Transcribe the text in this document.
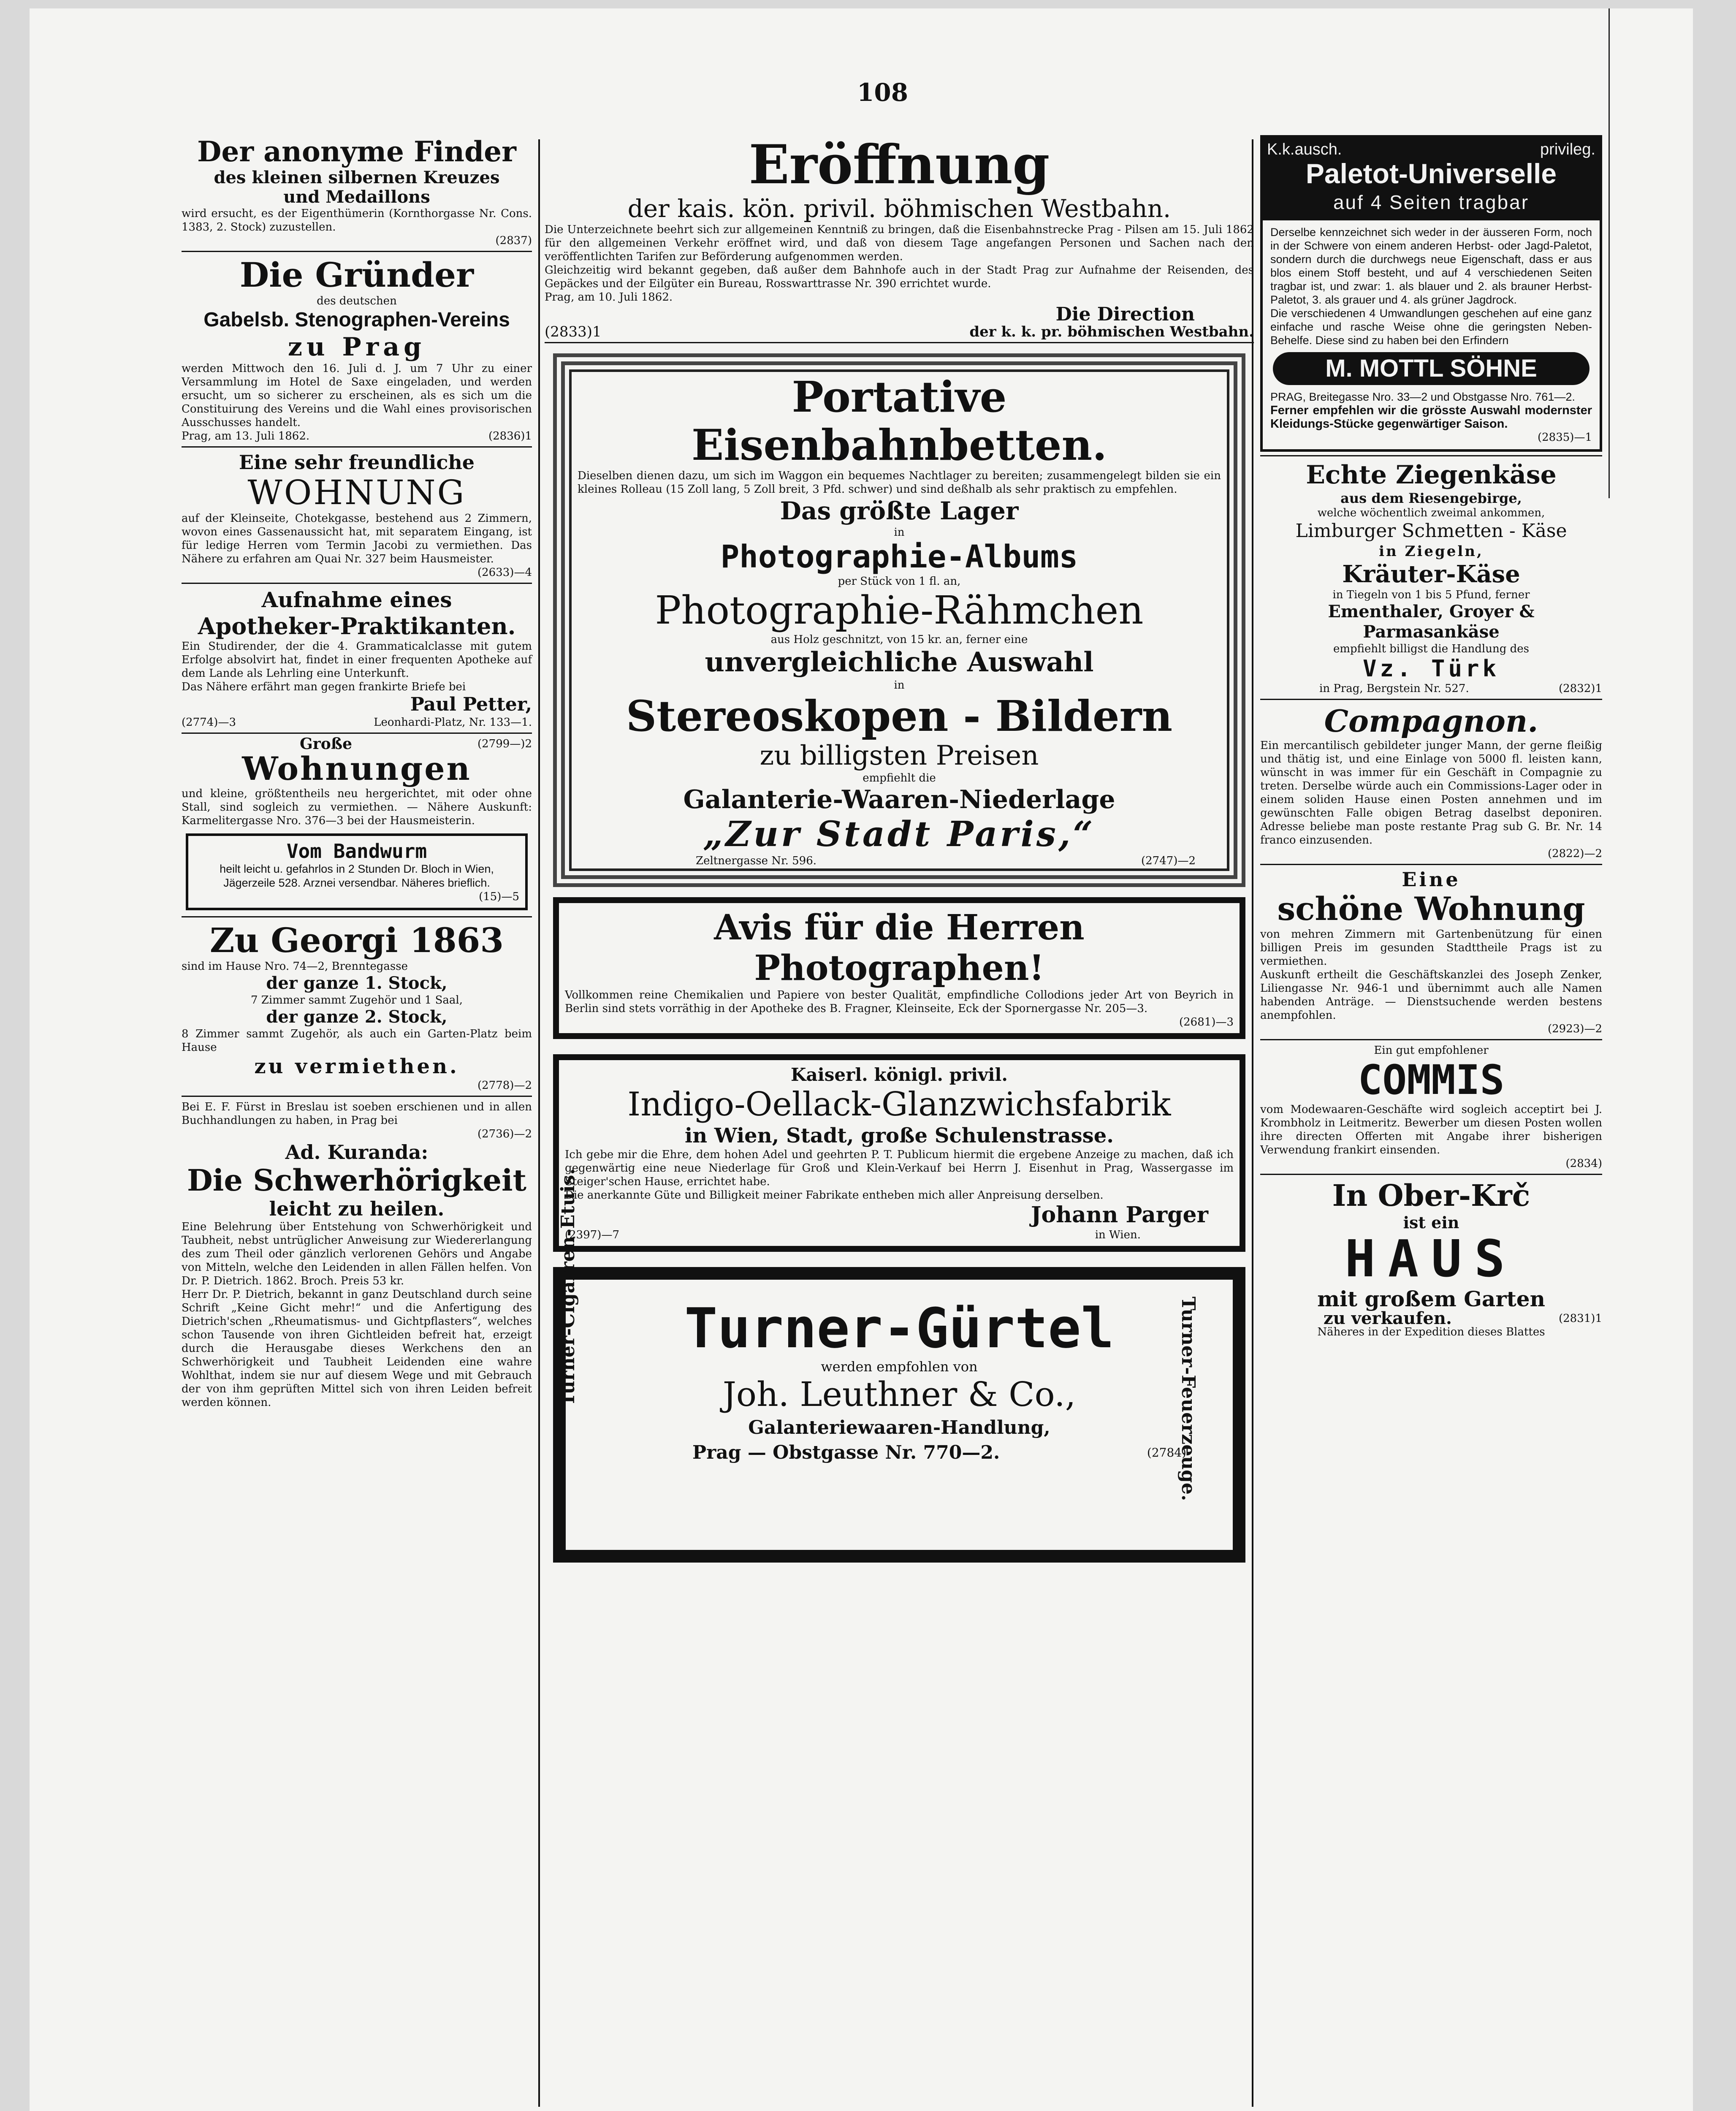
108
Der anonyme Finder
des kleinen silbernen Kreuzes
und Medaillons
wird ersucht, es der Eigenthümerin (Kornthorgasse Nr. Cons. 1383, 2. Stock) zuzustellen.
(2837)
Die Gründer
des deutschen
Gabelsb. Stenographen-Vereins
zu Prag
werden Mittwoch den 16. Juli d. J. um 7 Uhr zu einer Versammlung im Hotel de Saxe eingeladen, und werden ersucht, um so sicherer zu erscheinen, als es sich um die Constituirung des Vereins und die Wahl eines provisorischen Ausschusses handelt.
Prag, am 13. Juli 1862.	(2836)1
Eine sehr freundliche
WOHNUNG
auf der Kleinseite, Chotekgasse, bestehend aus 2 Zimmern, wovon eines Gassenaussicht hat, mit separatem Eingang, ist für ledige Herren vom Termin Jacobi zu vermiethen. Das Nähere zu erfahren am Quai Nr. 327 beim Hausmeister.
(2633)—4
Aufnahme eines
Apotheker-Praktikanten.
Ein Studirender, der die 4. Grammaticalclasse mit gutem Erfolge absolvirt hat, findet in einer frequenten Apotheke auf dem Lande als Lehrling eine Unterkunft.
Das Nähere erfährt man gegen frankirte Briefe bei
Paul Petter,
(2774)—3	Leonhardi-Platz, Nr. 133—1.
Große	(2799—)2
Wohnungen
und kleine, größtentheils neu hergerichtet, mit oder ohne Stall, sind sogleich zu vermiethen. — Nähere Auskunft: Karmelitergasse Nro. 376—3 bei der Hausmeisterin.
Vom Bandwurm
heilt leicht u. gefahrlos in 2 Stunden Dr. Bloch in Wien, Jägerzeile 528. Arznei versendbar. Näheres brieflich.
(15)—5
Zu Georgi 1863
sind im Hause Nro. 74—2, Brenntegasse
der ganze 1. Stock,
7 Zimmer sammt Zugehör und 1 Saal,
der ganze 2. Stock,
8 Zimmer sammt Zugehör, als auch ein Garten-Platz beim Hause
zu vermiethen.
(2778)—2
Bei E. F. Fürst in Breslau ist soeben erschienen und in allen Buchhandlungen zu haben, in Prag bei
(2736)—2
Ad. Kuranda:
Die Schwerhörigkeit
leicht zu heilen.
Eine Belehrung über Entstehung von Schwerhörigkeit und Taubheit, nebst untrüglicher Anweisung zur Wiedererlangung des zum Theil oder gänzlich verlorenen Gehörs und Angabe von Mitteln, welche den Leidenden in allen Fällen helfen. Von Dr. P. Dietrich. 1862. Broch. Preis 53 kr.
Herr Dr. P. Dietrich, bekannt in ganz Deutschland durch seine Schrift „Keine Gicht mehr!“ und die Anfertigung des Dietrich'schen „Rheumatismus- und Gichtpflasters“, welches schon Tausende von ihren Gichtleiden befreit hat, erzeigt durch die Herausgabe dieses Werkchens den an Schwerhörigkeit und Taubheit Leidenden eine wahre Wohlthat, indem sie nur auf diesem Wege und mit Gebrauch der von ihm geprüften Mittel sich von ihren Leiden befreit werden können.
Eröffnung
der kais. kön. privil. böhmischen Westbahn.
Die Unterzeichnete beehrt sich zur allgemeinen Kenntniß zu bringen, daß die Eisenbahnstrecke Prag - Pilsen am 15. Juli 1862 für den allgemeinen Verkehr eröffnet wird, und daß von diesem Tage angefangen Personen und Sachen nach den veröffentlichten Tarifen zur Beförderung aufgenommen werden.
Gleichzeitig wird bekannt gegeben, daß außer dem Bahnhofe auch in der Stadt Prag zur Aufnahme der Reisenden, des Gepäckes und der Eilgüter ein Bureau, Rosswarttrasse Nr. 390 errichtet wurde.
Prag, am 10. Juli 1862.
Die Direction
(2833)1	der k. k. pr. böhmischen Westbahn.
Portative Eisenbahnbetten.
Dieselben dienen dazu, um sich im Waggon ein bequemes Nachtlager zu bereiten; zusammengelegt bilden sie ein kleines Rolleau (15 Zoll lang, 5 Zoll breit, 3 Pfd. schwer) und sind deßhalb als sehr praktisch zu empfehlen.
Das größte Lager
in
Photographie-Albums
per Stück von 1 fl. an,
Photographie-Rähmchen
aus Holz geschnitzt, von 15 kr. an, ferner eine
unvergleichliche Auswahl
in
Stereoskopen - Bildern
zu billigsten Preisen
empfiehlt die
Galanterie-Waaren-Niederlage
„Zur Stadt Paris,“
Zeltnergasse Nr. 596.	(2747)—2
Avis für die Herren Photographen!
Vollkommen reine Chemikalien und Papiere von bester Qualität, empfindliche Collodions jeder Art von Beyrich in Berlin sind stets vorräthig in der Apotheke des B. Fragner, Kleinseite, Eck der Spornergasse Nr. 205—3.
(2681)—3
Kaiserl. königl. privil.
Indigo-Oellack-Glanzwichsfabrik
in Wien, Stadt, große Schulenstrasse.
Ich gebe mir die Ehre, dem hohen Adel und geehrten P. T. Publicum hiermit die ergebene Anzeige zu machen, daß ich gegenwärtig eine neue Niederlage für Groß und Klein-Verkauf bei Herrn J. Eisenhut in Prag, Wassergasse im Steiger'schen Hause, errichtet habe.
Die anerkannte Güte und Billigkeit meiner Fabrikate entheben mich aller Anpreisung derselben.
Johann Parger
(2397)—7	in Wien.
Turner-Cigarren-Etuis.	Turner-Gürtel
werden empfohlen von
Joh. Leuthner & Co.,
Galanteriewaaren-Handlung,
Prag — Obstgasse Nr. 770—2.	(2784)
Turner-Feuerzeuge.
K.k.ausch.	privileg.
Paletot-Universelle
auf 4 Seiten tragbar
Derselbe kennzeichnet sich weder in der äusseren Form, noch in der Schwere von einem anderen Herbst- oder Jagd-Paletot, sondern durch die durchwegs neue Eigenschaft, dass er aus blos einem Stoff besteht, und auf 4 verschiedenen Seiten tragbar ist, und zwar: 1. als blauer und 2. als brauner Herbst-Paletot, 3. als grauer und 4. als grüner Jagdrock.
Die verschiedenen 4 Umwandlungen geschehen auf eine ganz einfache und rasche Weise ohne die geringsten Neben-Behelfe. Diese sind zu haben bei den Erfindern
M. MOTTL SÖHNE
PRAG, Breitegasse Nro. 33—2 und Obstgasse Nro. 761—2.
Ferner empfehlen wir die grösste Auswahl modernster Kleidungs-Stücke gegenwärtiger Saison.
(2835)—1
Echte Ziegenkäse
aus dem Riesengebirge,
welche wöchentlich zweimal ankommen,
Limburger Schmetten - Käse
in Ziegeln,
Kräuter-Käse
in Tiegeln von 1 bis 5 Pfund, ferner
Ementhaler, Groyer & Parmasankäse
empfiehlt billigst die Handlung des
Vz. Türk
in Prag, Bergstein Nr. 527.	(2832)1
Compagnon.
Ein mercantilisch gebildeter junger Mann, der gerne fleißig und thätig ist, und eine Einlage von 5000 fl. leisten kann, wünscht in was immer für ein Geschäft in Compagnie zu treten. Derselbe würde auch ein Commissions-Lager oder in einem soliden Hause einen Posten annehmen und im gewünschten Falle obigen Betrag daselbst deponiren. Adresse beliebe man poste restante Prag sub G. Br. Nr. 14 franco einzusenden.
(2822)—2
Eine
schöne Wohnung
von mehren Zimmern mit Gartenbenützung für einen billigen Preis im gesunden Stadttheile Prags ist zu vermiethen.
Auskunft ertheilt die Geschäftskanzlei des Joseph Zenker, Liliengasse Nr. 946-1 und übernimmt auch alle Namen habenden Anträge. — Dienstsuchende werden bestens anempfohlen.
(2923)—2
Ein gut empfohlener
COMMIS
vom Modewaaren-Geschäfte wird sogleich acceptirt bei J. Krombholz in Leitmeritz. Bewerber um diesen Posten wollen ihre directen Offerten mit Angabe ihrer bisherigen Verwendung frankirt einsenden.
(2834)
In Ober-Krč
ist ein
HAUS
mit großem Garten
zu verkaufen.	(2831)1
Näheres in der Expedition dieses Blattes
